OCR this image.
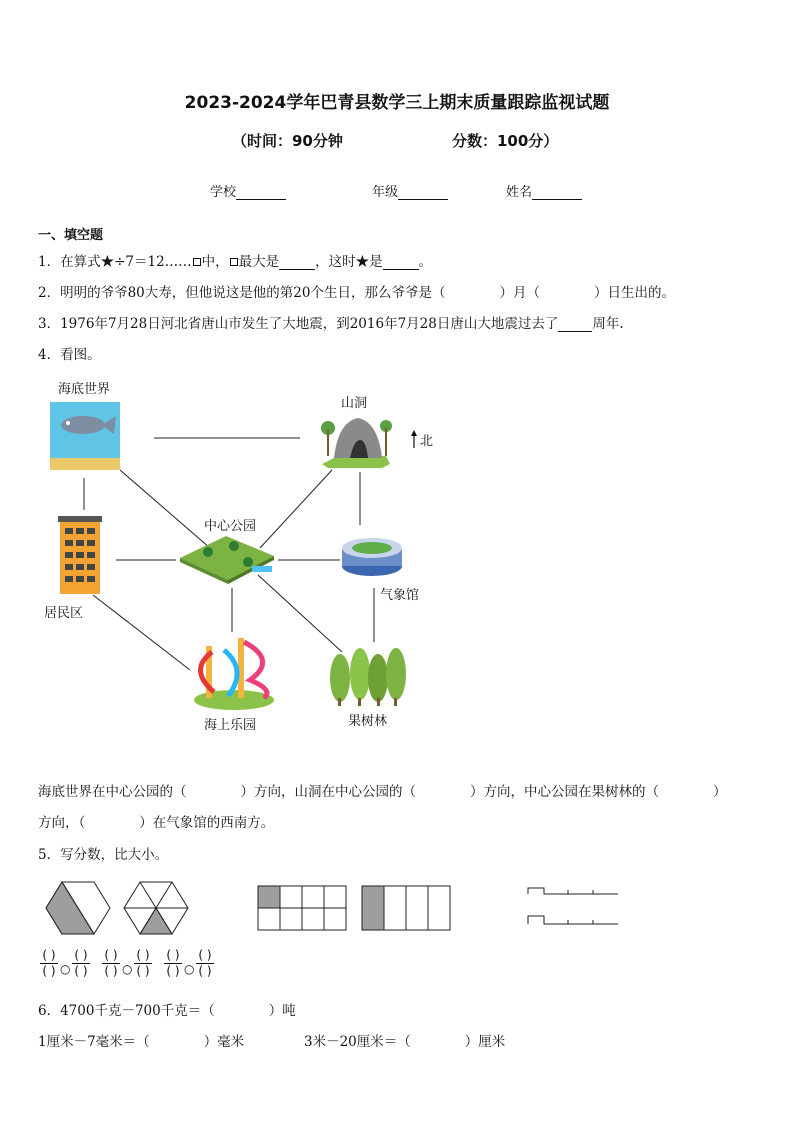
2023-2024学年巴青县数学三上期末质量跟踪监视试题
（时间：90分钟	分数：100分）
学校	年级	姓名
一、填空题
1．在算式★÷7＝12…… 中， 最大是	，这时★是	。
2．明明的爷爷80大寿，但他说这是他的第20个生日，那么爷爷是（	）月（	）日生出的。
3．1976年7月28日河北省唐山市发生了大地震，到2016年7月28日唐山大地震过去了	周年.
4．看图。
海底世界
山洞
北
中心公园
气象馆
居民区
果树林
海上乐园
海底世界在中心公园的（	）方向，山洞在中心公园的（	）方向，中心公园在果树林的（	）
方向，（	）在气象馆的西南方。
5．写分数，比大小。
( )
( ) ○
( )
( )
( )
( ) ○
( )
( )
( )
( ) ○
( )
( )
6．4700千克－700千克＝（	）吨
1厘米－7毫米＝（	）毫米	3米－20厘米＝（	）厘米
